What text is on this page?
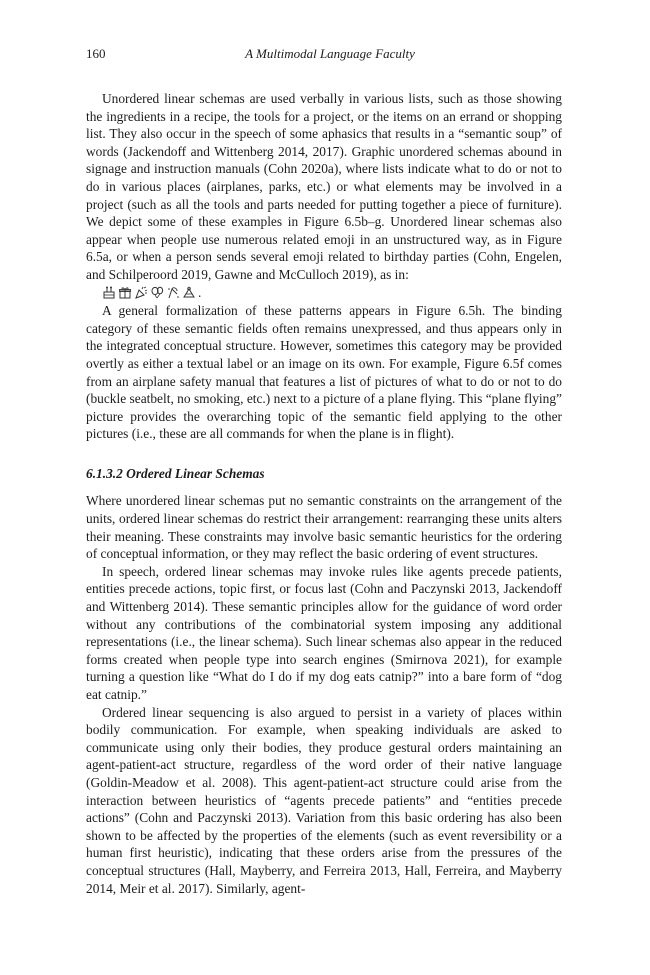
160	A Multimodal Language Faculty

Unordered linear schemas are used verbally in various lists, such as those showing the ingredients in a recipe, the tools for a project, or the items on an errand or shopping list. They also occur in the speech of some aphasics that results in a “semantic soup” of words (Jackendoff and Wittenberg 2014, 2017). Graphic unordered schemas abound in signage and instruction manuals (Cohn 2020a), where lists indicate what to do or not to do in various places (airplanes, parks, etc.) or what elements may be involved in a project (such as all the tools and parts needed for putting together a piece of furniture). We depict some of these examples in Figure 6.5b–g. Unordered linear schemas also appear when people use numerous related emoji in an unstructured way, as in Figure 6.5a, or when a person sends several emoji related to birthday parties (Cohn, Engelen, and Schilperoord 2019, Gawne and McCulloch 2019), as in:
.

A general formalization of these patterns appears in Figure 6.5h. The binding category of these semantic fields often remains unexpressed, and thus appears only in the integrated conceptual structure. However, sometimes this category may be provided overtly as either a textual label or an image on its own. For example, Figure 6.5f comes from an airplane safety manual that features a list of pictures of what to do or not to do (buckle seatbelt, no smoking, etc.) next to a picture of a plane flying. This “plane flying” picture provides the overarching topic of the semantic field applying to the other pictures (i.e., these are all commands for when the plane is in flight).

6.1.3.2 Ordered Linear Schemas

Where unordered linear schemas put no semantic constraints on the arrangement of the units, ordered linear schemas do restrict their arrangement: rearranging these units alters their meaning. These constraints may involve basic semantic heuristics for the ordering of conceptual information, or they may reflect the basic ordering of event structures.

In speech, ordered linear schemas may invoke rules like agents precede patients, entities precede actions, topic first, or focus last (Cohn and Paczynski 2013, Jackendoff and Wittenberg 2014). These semantic principles allow for the guidance of word order without any contributions of the combinatorial system imposing any additional representations (i.e., the linear schema). Such linear schemas also appear in the reduced forms created when people type into search engines (Smirnova 2021), for example turning a question like “What do I do if my dog eats catnip?” into a bare form of “dog eat catnip.”

Ordered linear sequencing is also argued to persist in a variety of places within bodily communication. For example, when speaking individuals are asked to communicate using only their bodies, they produce gestural orders maintaining an agent-patient-act structure, regardless of the word order of their native language (Goldin-Meadow et al. 2008). This agent-patient-act structure could arise from the interaction between heuristics of “agents precede patients” and “entities precede actions” (Cohn and Paczynski 2013). Variation from this basic ordering has also been shown to be affected by the properties of the elements (such as event reversibility or a human first heuristic), indicating that these orders arise from the pressures of the conceptual structures (Hall, Mayberry, and Ferreira 2013, Hall, Ferreira, and Mayberry 2014, Meir et al. 2017). Similarly, agent-
